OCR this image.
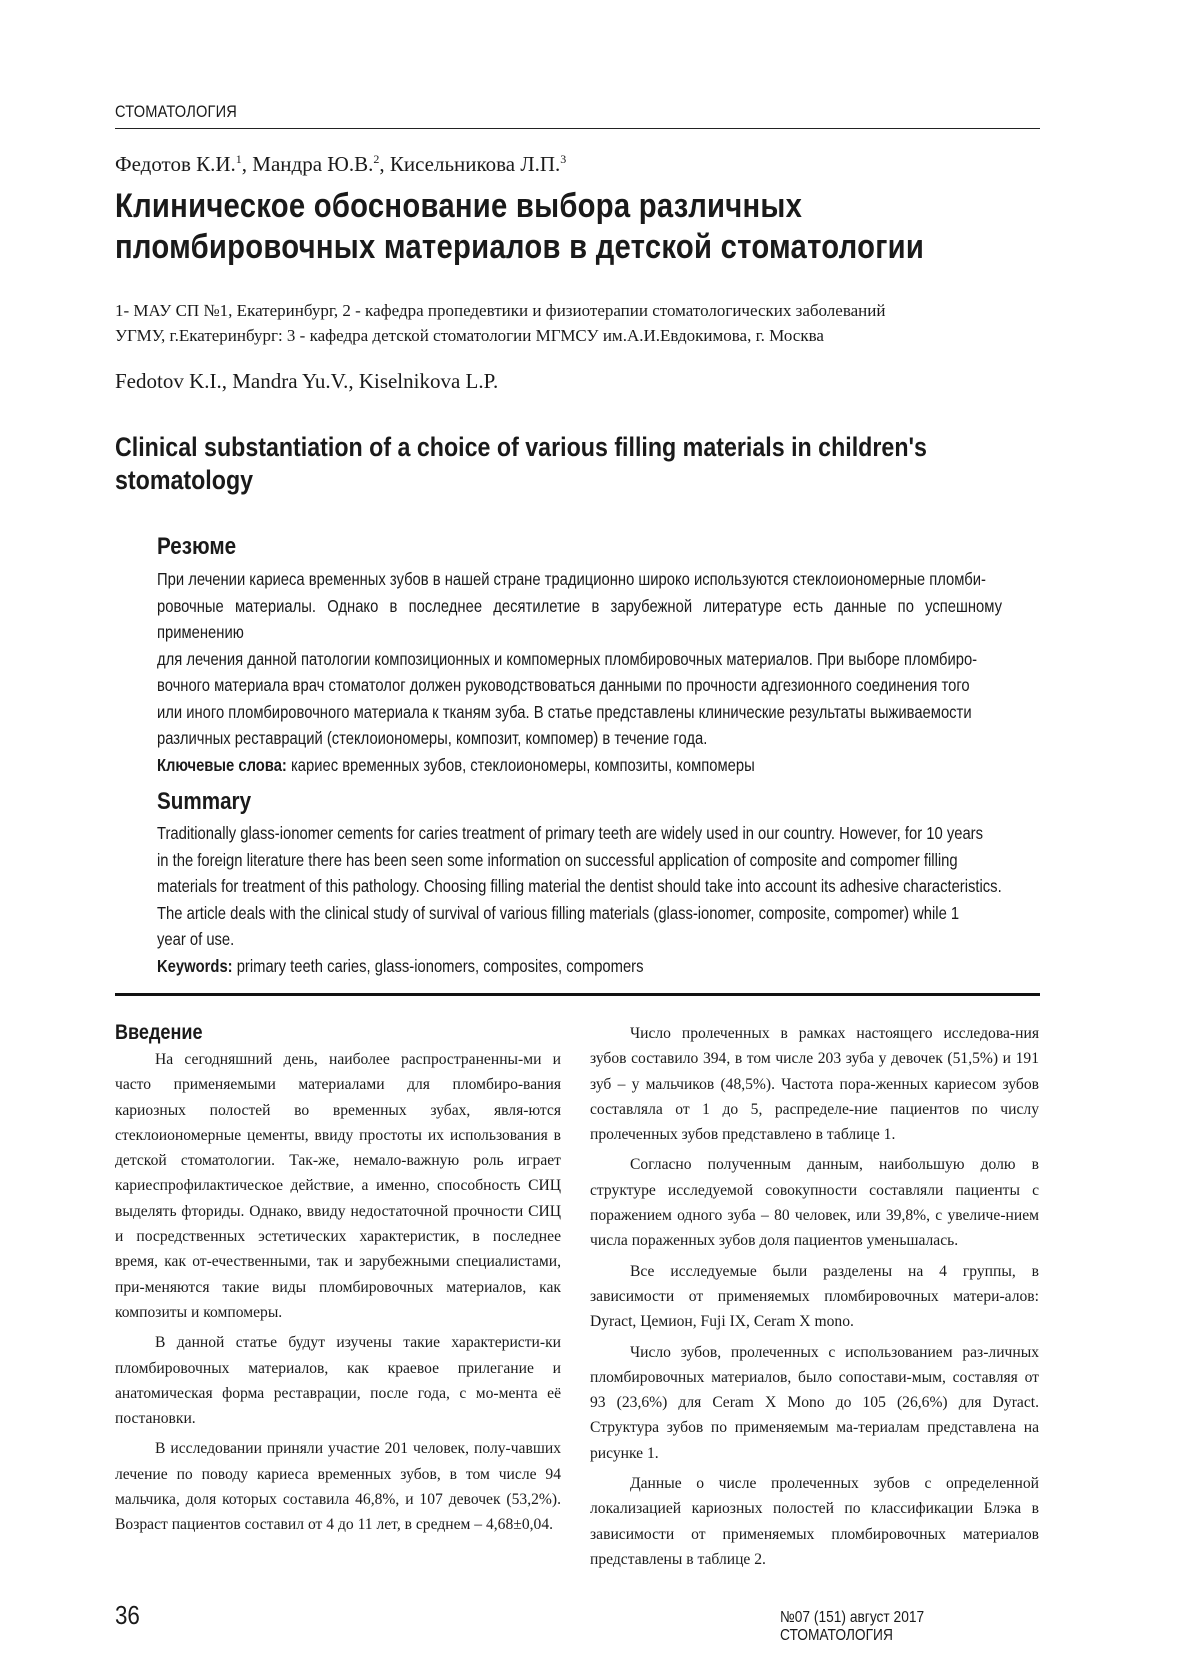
СТОМАТОЛОГИЯ
Федотов К.И.$^1$, Мандра Ю.В.$^2$, Кисельникова Л.П.$^3$
Клиническое обоснование выбора различных
пломбировочных материалов в детской стоматологии
1- МАУ СП №1, Екатеринбург, 2 - кафедра пропедевтики и физиотерапии стоматологических заболеваний
УГМУ, г.Екатеринбург: 3 - кафедра детской стоматологии МГМСУ им.А.И.Евдокимова, г. Москва
Fedotov K.I., Mandra Yu.V., Kiselnikova L.P.
Clinical substantiation of a choice of various filling materials in children's
stomatology
Резюме

При лечении кариеса временных зубов в нашей стране традиционно широко используются стеклоиономерные пломби-

ровочные материалы. Однако в последнее десятилетие в зарубежной литературе есть данные по успешному применению

для лечения данной патологии композиционных и компомерных пломбировочных материалов. При выборе пломбиро-

вочного материала врач стоматолог должен руководствоваться данными по прочности адгезионного соединения того

или иного пломбировочного материала к тканям зуба. В статье представлены клинические результаты выживаемости

различных реставраций (стеклоиономеры, композит, компомер) в течение года.

Ключевые слова: кариес временных зубов, стеклоиономеры, композиты, компомеры

Summary

Traditionally glass-ionomer cements for caries treatment of primary teeth are widely used in our country. However, for 10 years

in the foreign literature there has been seen some information on successful application of composite and compomer filling

materials for treatment of this pathology. Choosing filling material the dentist should take into account its adhesive characteristics.

The article deals with the clinical study of survival of various filling materials (glass-ionomer, composite, compomer) while 1

year of use.

Keywords: primary teeth caries, glass-ionomers, composites, compomers

Введение

На сегодняшний день, наиболее распространенны-ми и часто применяемыми материалами для пломбиро-вания кариозных полостей во временных зубах, явля-ются стеклоиономерные цементы, ввиду простоты их использования в детской стоматологии. Так-же, немало-важную роль играет кариеспрофилактическое действие, а именно, способность СИЦ выделять фториды. Однако, ввиду недостаточной прочности СИЦ и посредственных эстетических характеристик, в последнее время, как от-ечественными, так и зарубежными специалистами, при-меняются такие виды пломбировочных материалов, как композиты и компомеры.

В данной статье будут изучены такие характеристи-ки пломбировочных материалов, как краевое прилегание и анатомическая форма реставрации, после года, с мо-мента её постановки.

В исследовании приняли участие 201 человек, полу-чавших лечение по поводу кариеса временных зубов, в том числе 94 мальчика, доля которых составила 46,8%, и 107 девочек (53,2%). Возраст пациентов составил от 4 до 11 лет, в среднем – 4,68±0,04.

Число пролеченных в рамках настоящего исследова-ния зубов составило 394, в том числе 203 зуба у девочек (51,5%) и 191 зуб – у мальчиков (48,5%). Частота пора-женных кариесом зубов составляла от 1 до 5, распределе-ние пациентов по числу пролеченных зубов представлено в таблице 1.

Согласно полученным данным, наибольшую долю в структуре исследуемой совокупности составляли пациенты с поражением одного зуба – 80 человек, или 39,8%, с увеличе-нием числа пораженных зубов доля пациентов уменьшалась.

Все исследуемые были разделены на 4 группы, в зависимости от применяемых пломбировочных матери-алов: Dyract, Цемион, Fuji IX, Ceram X mono.

Число зубов, пролеченных с использованием раз-личных пломбировочных материалов, было сопостави-мым, составляя от 93 (23,6%) для Ceram X Mono до 105 (26,6%) для Dyract. Структура зубов по применяемым ма-териалам представлена на рисунке 1.

Данные о числе пролеченных зубов с определенной локализацией кариозных полостей по классификации Блэка в зависимости от применяемых пломбировочных материалов представлены в таблице 2.

36	№07 (151) август 2017 СТОМАТОЛОГИЯ
